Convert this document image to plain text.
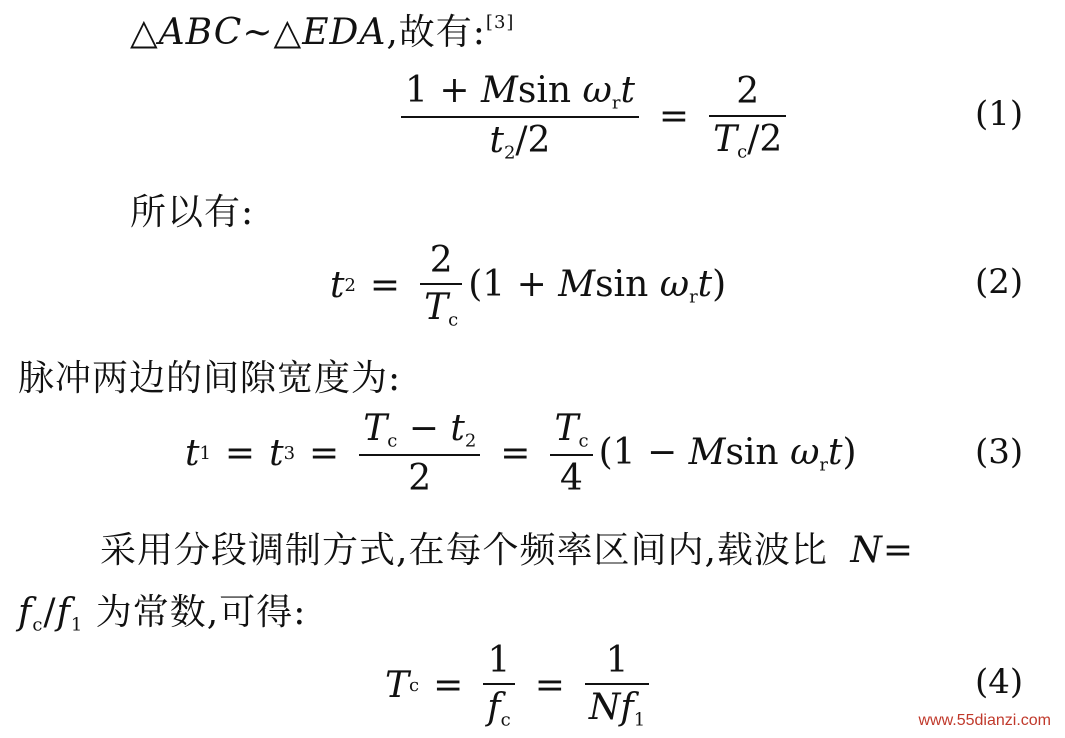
△ABC∼△EDA,故有:[3]
$\frac{1 + Msin \omega_rt}{t_2/2} = \frac{2}{T_c/2}$	(1)
所以有:
t $2 = \frac{2}{T_c} (1 + Msin$ $\omega_rt$)	(2)
脉冲两边的间隙宽度为:
t 1 = t $3 = \frac{T_c - t_2}{2} = \frac{T_c}{4} (1 - Msin$ $\omega_rt$)	(3)
采用分段调制方式,在每个频率区间内,载波比 N=
$f_c/f_1$ 为常数,可得:
T $c = \frac{1}{f_c} = \frac{1}{Nf_1}$	(4)
www.55dianzi.com
